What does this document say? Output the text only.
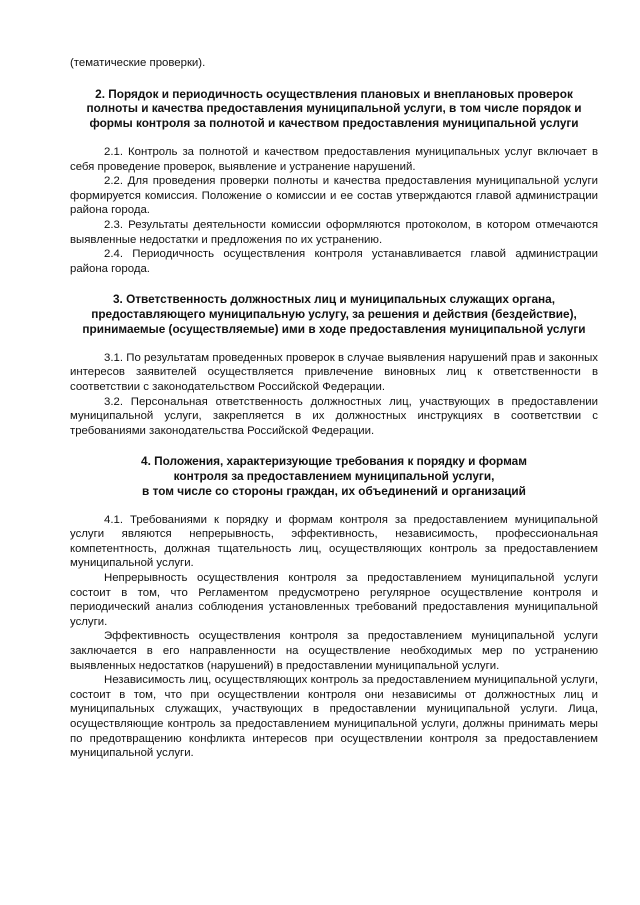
(тематические проверки).

2. Порядок и периодичность осуществления плановых и внеплановых проверок полноты и качества предоставления муниципальной услуги, в том числе порядок и формы контроля за полнотой и качеством предоставления муниципальной услуги

2.1. Контроль за полнотой и качеством предоставления муниципальных услуг включает в себя проведение проверок, выявление и устранение нарушений.

2.2. Для проведения проверки полноты и качества предоставления муниципальной услуги формируется комиссия. Положение о комиссии и ее состав утверждаются главой администрации района города.

2.3. Результаты деятельности комиссии оформляются протоколом, в котором отмечаются выявленные недостатки и предложения по их устранению.

2.4. Периодичность осуществления контроля устанавливается главой администрации района города.

3. Ответственность должностных лиц и муниципальных служащих органа, предоставляющего муниципальную услугу, за решения и действия (бездействие), принимаемые (осуществляемые) ими в ходе предоставления муниципальной услуги

3.1. По результатам проведенных проверок в случае выявления нарушений прав и законных интересов заявителей осуществляется привлечение виновных лиц к ответственности в соответствии с законодательством Российской Федерации.

3.2. Персональная ответственность должностных лиц, участвующих в предоставлении муниципальной услуги, закрепляется в их должностных инструкциях в соответствии с требованиями законодательства Российской Федерации.

4. Положения, характеризующие требования к порядку и формам

контроля за предоставлением муниципальной услуги,

в том числе со стороны граждан, их объединений и организаций

4.1. Требованиями к порядку и формам контроля за предоставлением муниципальной услуги являются непрерывность, эффективность, независимость, профессиональная компетентность, должная тщательность лиц, осуществляющих контроль за предоставлением муниципальной услуги.

Непрерывность осуществления контроля за предоставлением муниципальной услуги состоит в том, что Регламентом предусмотрено регулярное осуществление контроля и периодический анализ соблюдения установленных требований предоставления муниципальной услуги.

Эффективность осуществления контроля за предоставлением муниципальной услуги заключается в его направленности на осуществление необходимых мер по устранению выявленных недостатков (нарушений) в предоставлении муниципальной услуги.

Независимость лиц, осуществляющих контроль за предоставлением муниципальной услуги, состоит в том, что при осуществлении контроля они независимы от должностных лиц и муниципальных служащих, участвующих в предоставлении муниципальной услуги. Лица, осуществляющие контроль за предоставлением муниципальной услуги, должны принимать меры по предотвращению конфликта интересов при осуществлении контроля за предоставлением муниципальной услуги.
